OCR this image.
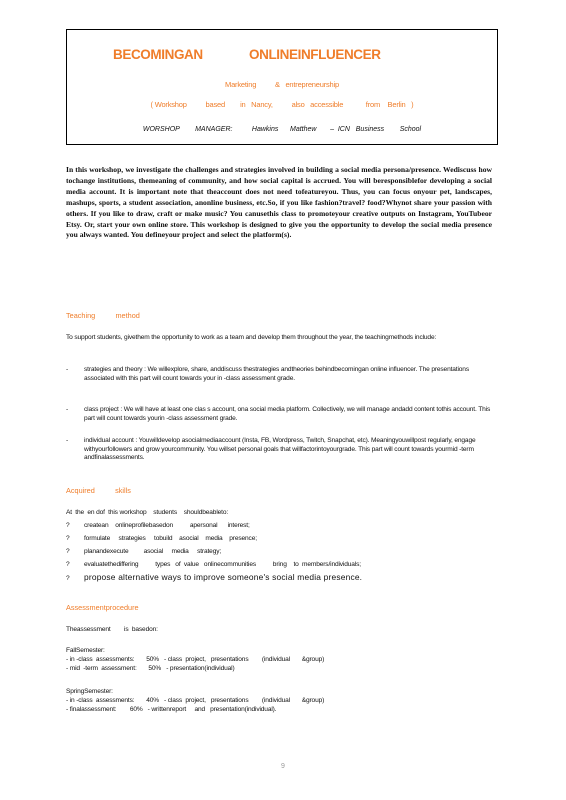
BECOMINGAN	ONLINEINFLUENCER
Marketing          &   entrepreneurship
( Workshop          based        in   Nancy,          also   accessible            from    Berlin   )
WORSHOP        MANAGER:          Hawkins      Matthew       –  ICN   Business        School
In this workshop, we investigate the challenges and strategies involved in building a social media persona/presence. Wediscuss how tochange institutions, themeaning of community, and how social capital is accrued. You will beresponsiblefor developing a social media account. It is important note that theaccount does not need tofeatureyou. Thus, you can focus onyour pet, landscapes, mashups, sports, a student association, anonline business, etc.So, if you like fashion?travel? food?Whynot share your passion with others. If you like to draw, craft or make music? You canusethis class to promoteyour creative outputs on Instagram, YouTubeor Etsy. Or, start your own online store. This workshop is designed to give you the opportunity to develop the social media presence you always wanted. You defineyour project and select the platform(s).
Teaching          method
To support students, givethem the opportunity to work as a team and develop them throughout the year, the teachingmethods include:
- strategies and theory : We willexplore, share, anddiscuss thestrategies andtheories behindbecomingan online influencer. The presentations associated with this part will count towards your in -class assessment grade.
- class project : We will have at least one clas s account, ona social media platform. Collectively, we will manage andadd content tothis account. This part will count towards yourin -class assessment grade.
- individual account : Youwilldevelop asocialmediaaccount (Insta, FB, Wordpress, Twitch, Snapchat, etc). Meaningyouwillpost regularly, engage withyourfollowers and grow yourcommunity. You willset personal goals that willfactorintoyourgrade. This part will count towards yourmid -term andfinalassessments.
Acquired          skills
At  the  en dof  this workshop    students    shouldbeableto:
? createan    onlineprofilebasedon          apersonal      interest;
? formulate     strategies     tobuild    asocial    media    presence;
? planandexecute         asocial     media     strategy;
? evaluatethediffering          types   of  value   onlinecommunities          bring    to  members/individuals;
? propose alternative ways to improve someone's social media presence.
Assessmentprocedure
Theassessment        is  basedon:
FallSemester:
- in -class  assessments:       50%   - class  project,   presentations        (individual       &group)
- mid  -term  assessment:       50%   - presentation(individual)
SpringSemester:
- in -class  assessments:       40%   - class  project,   presentations        (individual       &group)
- finalassessment:        60%   - writtenreport     and   presentation(individual).
9
